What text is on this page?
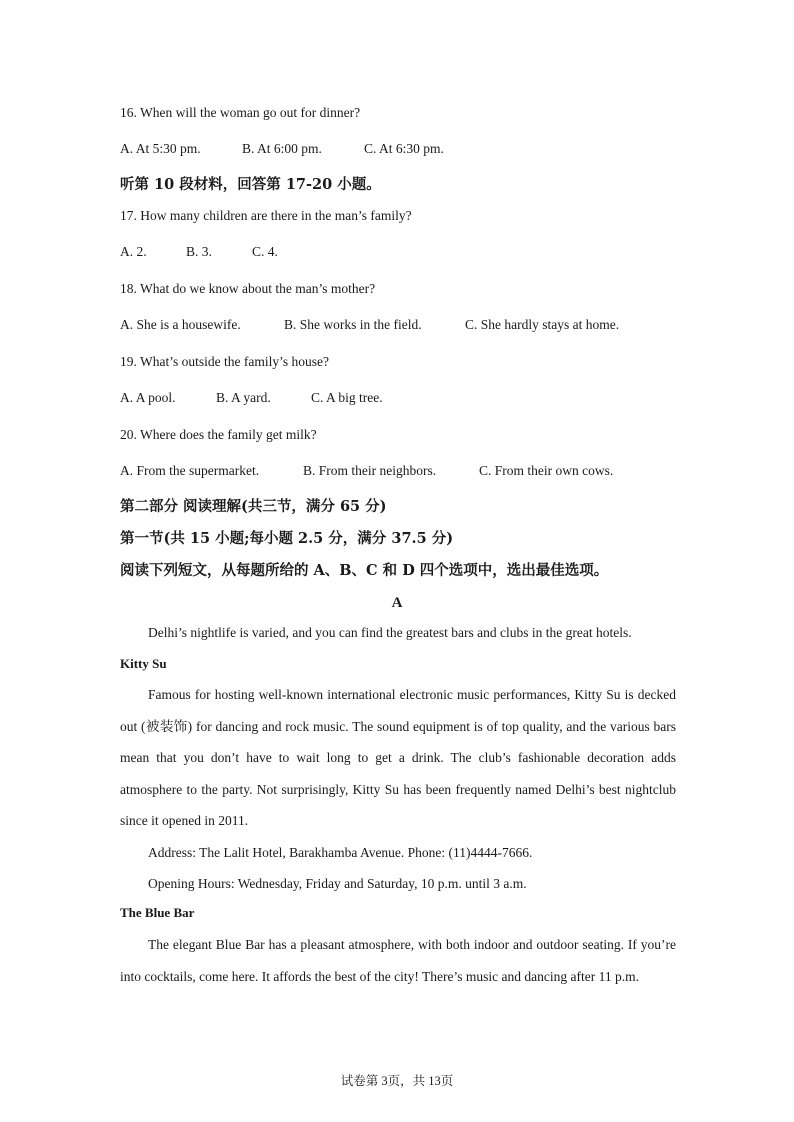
16. When will the woman go out for dinner?
A. At 5:30 pm.	B. At 6:00 pm.	C. At 6:30 pm.
听第 10 段材料，回答第 17-20 小题。
17. How many children are there in the man’s family?
A. 2.	B. 3.	C. 4.
18. What do we know about the man’s mother?
A. She is a housewife.	B. She works in the field.	C. She hardly stays at home.
19. What’s outside the family’s house?
A. A pool.	B. A yard.	C. A big tree.
20. Where does the family get milk?
A. From the supermarket.	B. From their neighbors.	C. From their own cows.
第二部分 阅读理解(共三节，满分 65 分)
第一节(共 15 小题;每小题 2.5 分，满分 37.5 分)
阅读下列短文，从每题所给的 A、B、C 和 D 四个选项中，选出最佳选项。
A

Delhi’s nightlife is varied, and you can find the greatest bars and clubs in the great hotels.

Kitty Su

Famous for hosting well-known international electronic music performances, Kitty Su is decked out (被装饰) for dancing and rock music. The sound equipment is of top quality, and the various bars mean that you don’t have to wait long to get a drink. The club’s fashionable decoration adds atmosphere to the party. Not surprisingly, Kitty Su has been frequently named Delhi’s best nightclub since it opened in 2011.

Address: The Lalit Hotel, Barakhamba Avenue. Phone: (11)4444-7666.

Opening Hours: Wednesday, Friday and Saturday, 10 p.m. until 3 a.m.

The Blue Bar

The elegant Blue Bar has a pleasant atmosphere, with both indoor and outdoor seating. If you’re into cocktails, come here. It affords the best of the city! There’s music and dancing after 11 p.m.

试卷第 3页，共 13页
